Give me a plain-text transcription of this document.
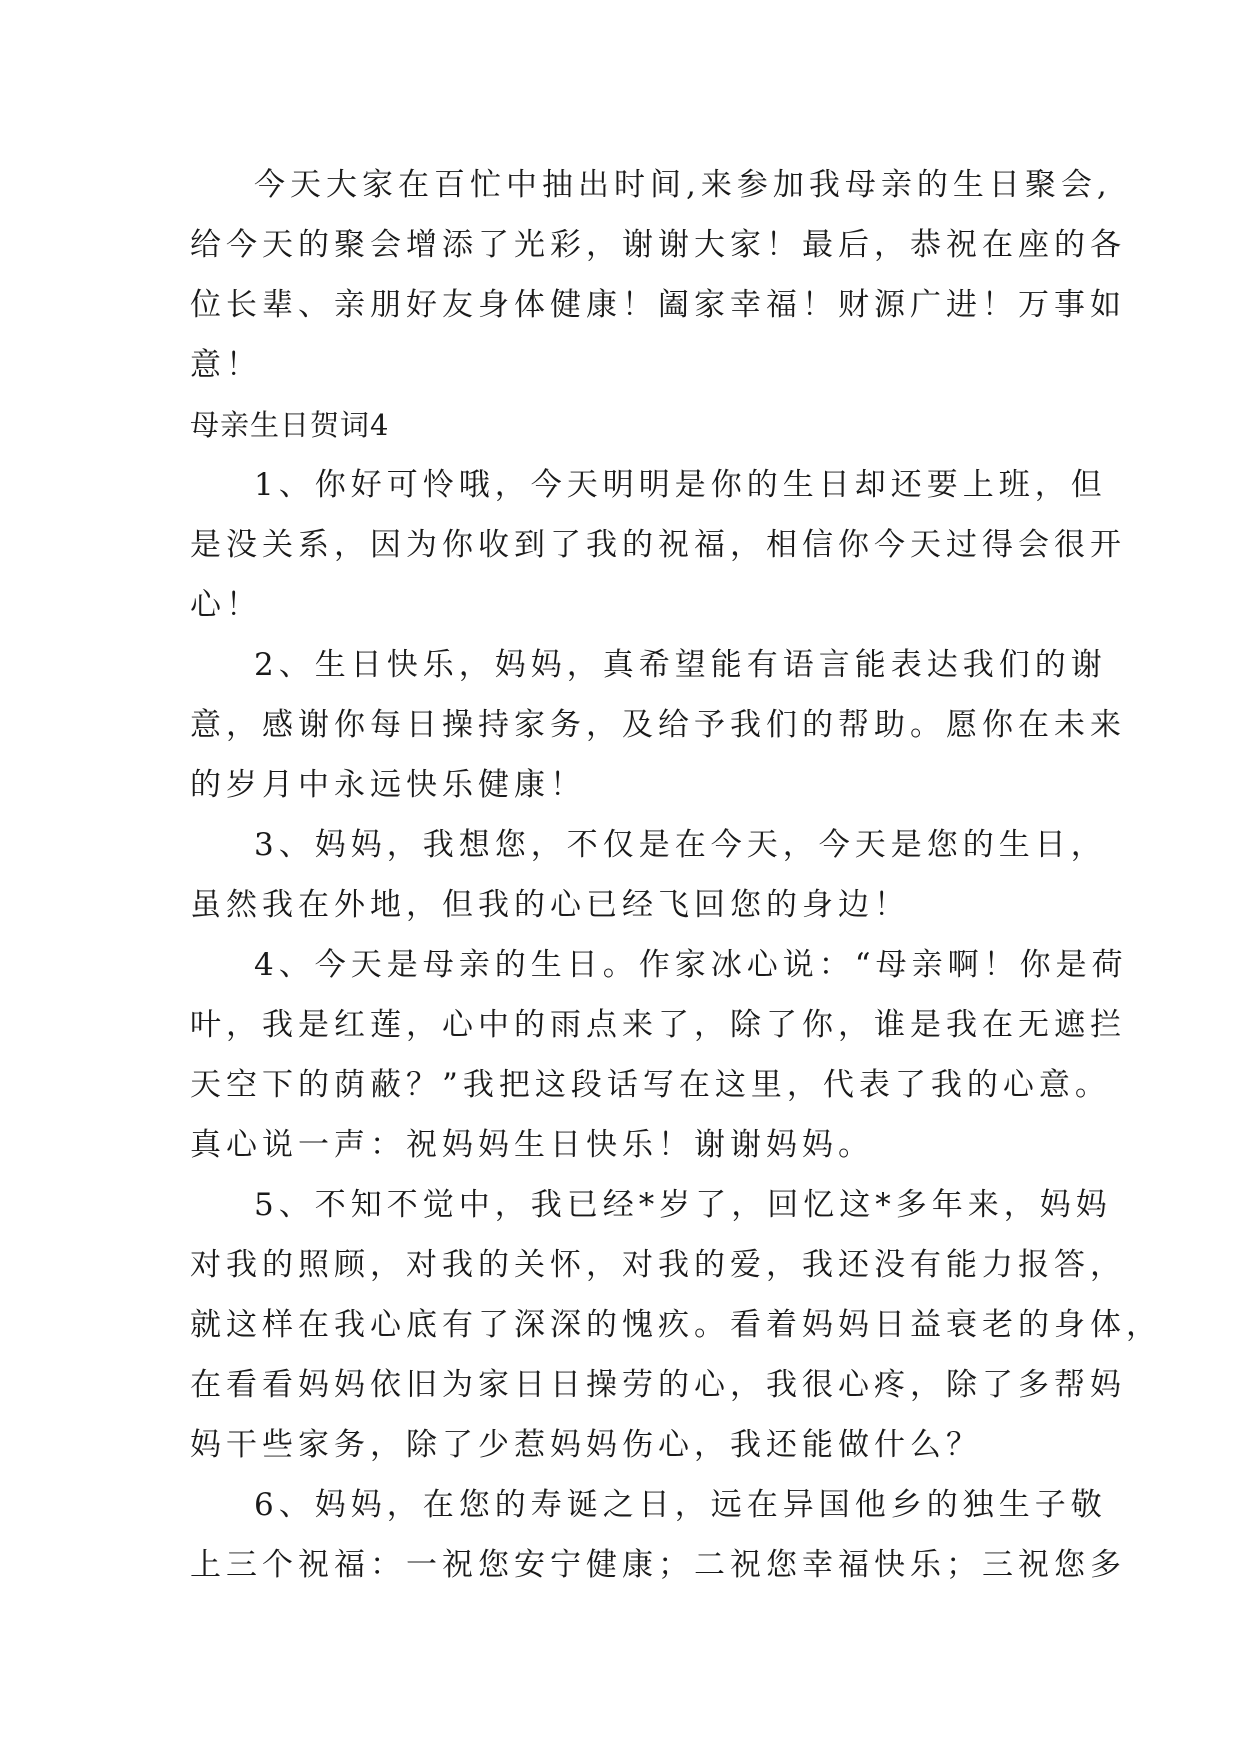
今天大家在百忙中抽出时间,来参加我母亲的生日聚会,
给今天的聚会增添了光彩，谢谢大家！最后，恭祝在座的各
位长辈、亲朋好友身体健康！阖家幸福！财源广进！万事如
意！
母亲生日贺词4
1、你好可怜哦，今天明明是你的生日却还要上班，但
是没关系，因为你收到了我的祝福，相信你今天过得会很开
心！
2、生日快乐，妈妈，真希望能有语言能表达我们的谢
意，感谢你每日操持家务，及给予我们的帮助。愿你在未来
的岁月中永远快乐健康！
3、妈妈，我想您，不仅是在今天，今天是您的生日，
虽然我在外地，但我的心已经飞回您的身边！
4、今天是母亲的生日。作家冰心说：“母亲啊！你是荷
叶，我是红莲，心中的雨点来了，除了你，谁是我在无遮拦
天空下的荫蔽？”我把这段话写在这里，代表了我的心意。
真心说一声：祝妈妈生日快乐！谢谢妈妈。
5、不知不觉中，我已经*岁了，回忆这*多年来，妈妈
对我的照顾，对我的关怀，对我的爱，我还没有能力报答，
就这样在我心底有了深深的愧疚。看着妈妈日益衰老的身体，
在看看妈妈依旧为家日日操劳的心，我很心疼，除了多帮妈
妈干些家务，除了少惹妈妈伤心，我还能做什么？
6、妈妈，在您的寿诞之日，远在异国他乡的独生子敬
上三个祝福：一祝您安宁健康；二祝您幸福快乐；三祝您多
